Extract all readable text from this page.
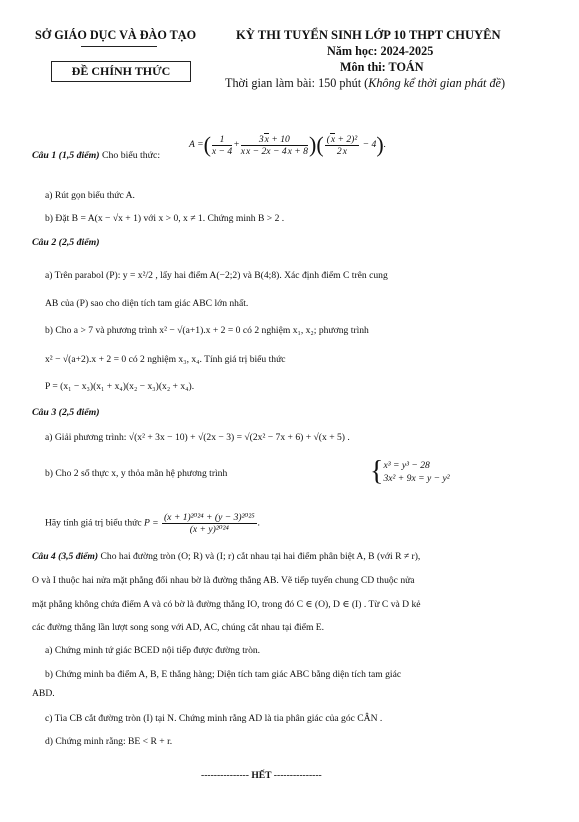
SỞ GIÁO DỤC VÀ ĐÀO TẠO
ĐỀ CHÍNH THỨC
KỲ THI TUYỂN SINH LỚP 10 THPT CHUYÊN
Năm học: 2024-2025
Môn thi: TOÁN
Thời gian làm bài: 150 phút (Không kể thời gian phát đề)
Câu 1 (1,5 điểm) Cho biểu thức:
A =( $\frac{1}{x - 4} + \frac{3x + 10}{xx - 2x - 4x + 8}$ )( $\frac{\text{(x + 2)²}}{2x} - 4$).
a) Rút gọn biểu thức A.
b) Đặt B = A(x − √x + 1) với x > 0, x ≠ 1. Chứng minh B > 2 .
Câu 2 (2,5 điểm)
a) Trên parabol (P): y = x²/2 , lấy hai điểm A(−2;2) và B(4;8). Xác định điểm C trên cung
AB của (P) sao cho diện tích tam giác ABC lớn nhất.
b) Cho a > 7 và phương trình x² − √(a+1).x + 2 = 0 có 2 nghiệm x₁, x₂; phương trình
x² − √(a+2).x + 2 = 0 có 2 nghiệm x₃, x₄. Tính giá trị biểu thức
P = (x₁ − x₃)(x₁ + x₄)(x₂ − x₃)(x₂ + x₄).
Câu 3 (2,5 điểm)
a) Giải phương trình: √(x² + 3x − 10) + √(2x − 3) = √(2x² − 7x + 6) + √(x + 5) .
b) Cho 2 số thực x, y thỏa mãn hệ phương trình	{ x³ = y³ − 28
3x² + 9x = y − y²
Hãy tính giá trị biểu thức $P = \frac{\text{(x + 1)²⁰²⁴ + (y − 3)²⁰²⁵}}{\text{(x + y)²⁰²⁴}}$ .
Câu 4 (3,5 điểm) Cho hai đường tròn (O; R) và (I; r) cắt nhau tại hai điểm phân biệt A, B (với R ≠ r),
O và I thuộc hai nửa mặt phẳng đối nhau bờ là đường thẳng AB. Vẽ tiếp tuyến chung CD thuộc nửa
mặt phẳng không chứa điểm A và có bờ là đường thẳng IO, trong đó C ∈ (O), D ∈ (I) . Từ C và D kẻ
các đường thẳng lần lượt song song với AD, AC, chúng cắt nhau tại điểm E.
a) Chứng minh tứ giác BCED nội tiếp được đường tròn.
b) Chứng minh ba điểm A, B, E thẳng hàng; Diện tích tam giác ABC bằng diện tích tam giác
ABD.
c) Tia CB cắt đường tròn (I) tại N. Chứng minh rằng AD là tia phân giác của góc CÂN .
d) Chứng minh rằng: BE < R + r.
--------------- HẾT ---------------
